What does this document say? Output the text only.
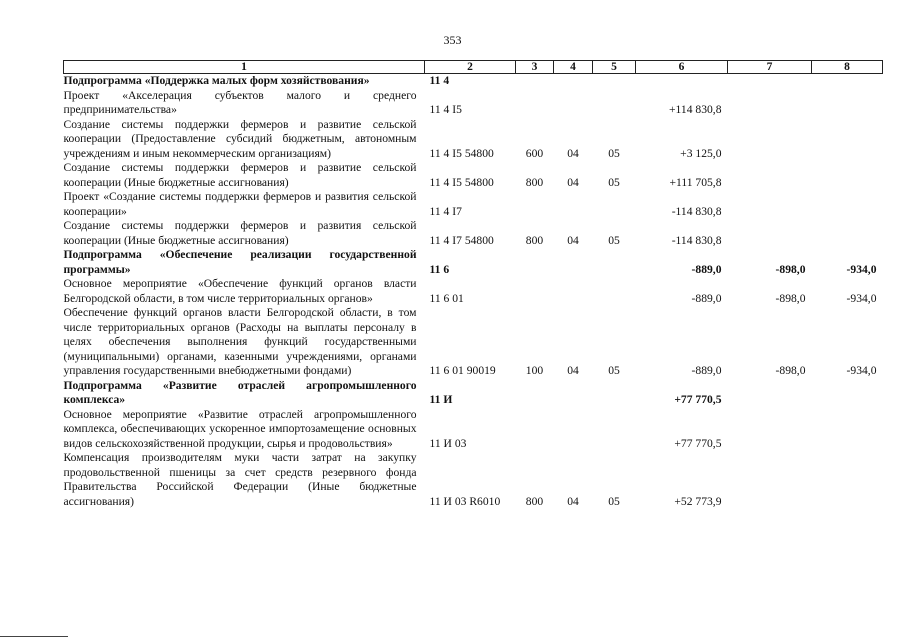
353
1	2	3	4	5	6	7	8
Подпрограмма «Поддержка малых форм хозяйствования»	11 4						
Проект «Акселерация субъектов малого и среднего предпринимательства»	11 4 I5				+114 830,8		
Создание системы поддержки фермеров и развитие сельской кооперации (Предоставление субсидий бюджетным, автономным учреждениям и иным некоммерческим организациям)	11 4 I5 54800	600	04	05	+3 125,0		
Создание системы поддержки фермеров и развитие сельской кооперации (Иные бюджетные ассигнования)	11 4 I5 54800	800	04	05	+111 705,8		
Проект «Создание системы поддержки фермеров и развития сельской кооперации»	11 4 I7				-114 830,8		
Создание системы поддержки фермеров и развития сельской кооперации (Иные бюджетные ассигнования)	11 4 I7 54800	800	04	05	-114 830,8		
Подпрограмма «Обеспечение реализации государственной программы»	11 6				-889,0	-898,0	-934,0
Основное мероприятие «Обеспечение функций органов власти Белгородской области, в том числе территориальных органов»	11 6 01				-889,0	-898,0	-934,0
Обеспечение функций органов власти Белгородской области, в том числе территориальных органов (Расходы на выплаты персоналу в целях обеспечения выполнения функций государственными (муниципальными) органами, казенными учреждениями, органами управления государственными внебюджетными фондами)	11 6 01 90019	100	04	05	-889,0	-898,0	-934,0
Подпрограмма «Развитие отраслей агропромышленного комплекса»	11 И				+77 770,5		
Основное мероприятие «Развитие отраслей агропромышленного комплекса, обеспечивающих ускоренное импортозамещение основных видов сельскохозяйственной продукции, сырья и продовольствия»	11 И 03				+77 770,5		
Компенсация производителям муки части затрат на закупку продовольственной пшеницы за счет средств резервного фонда Правительства Российской Федерации (Иные бюджетные ассигнования)	11 И 03 R6010	800	04	05	+52 773,9		
